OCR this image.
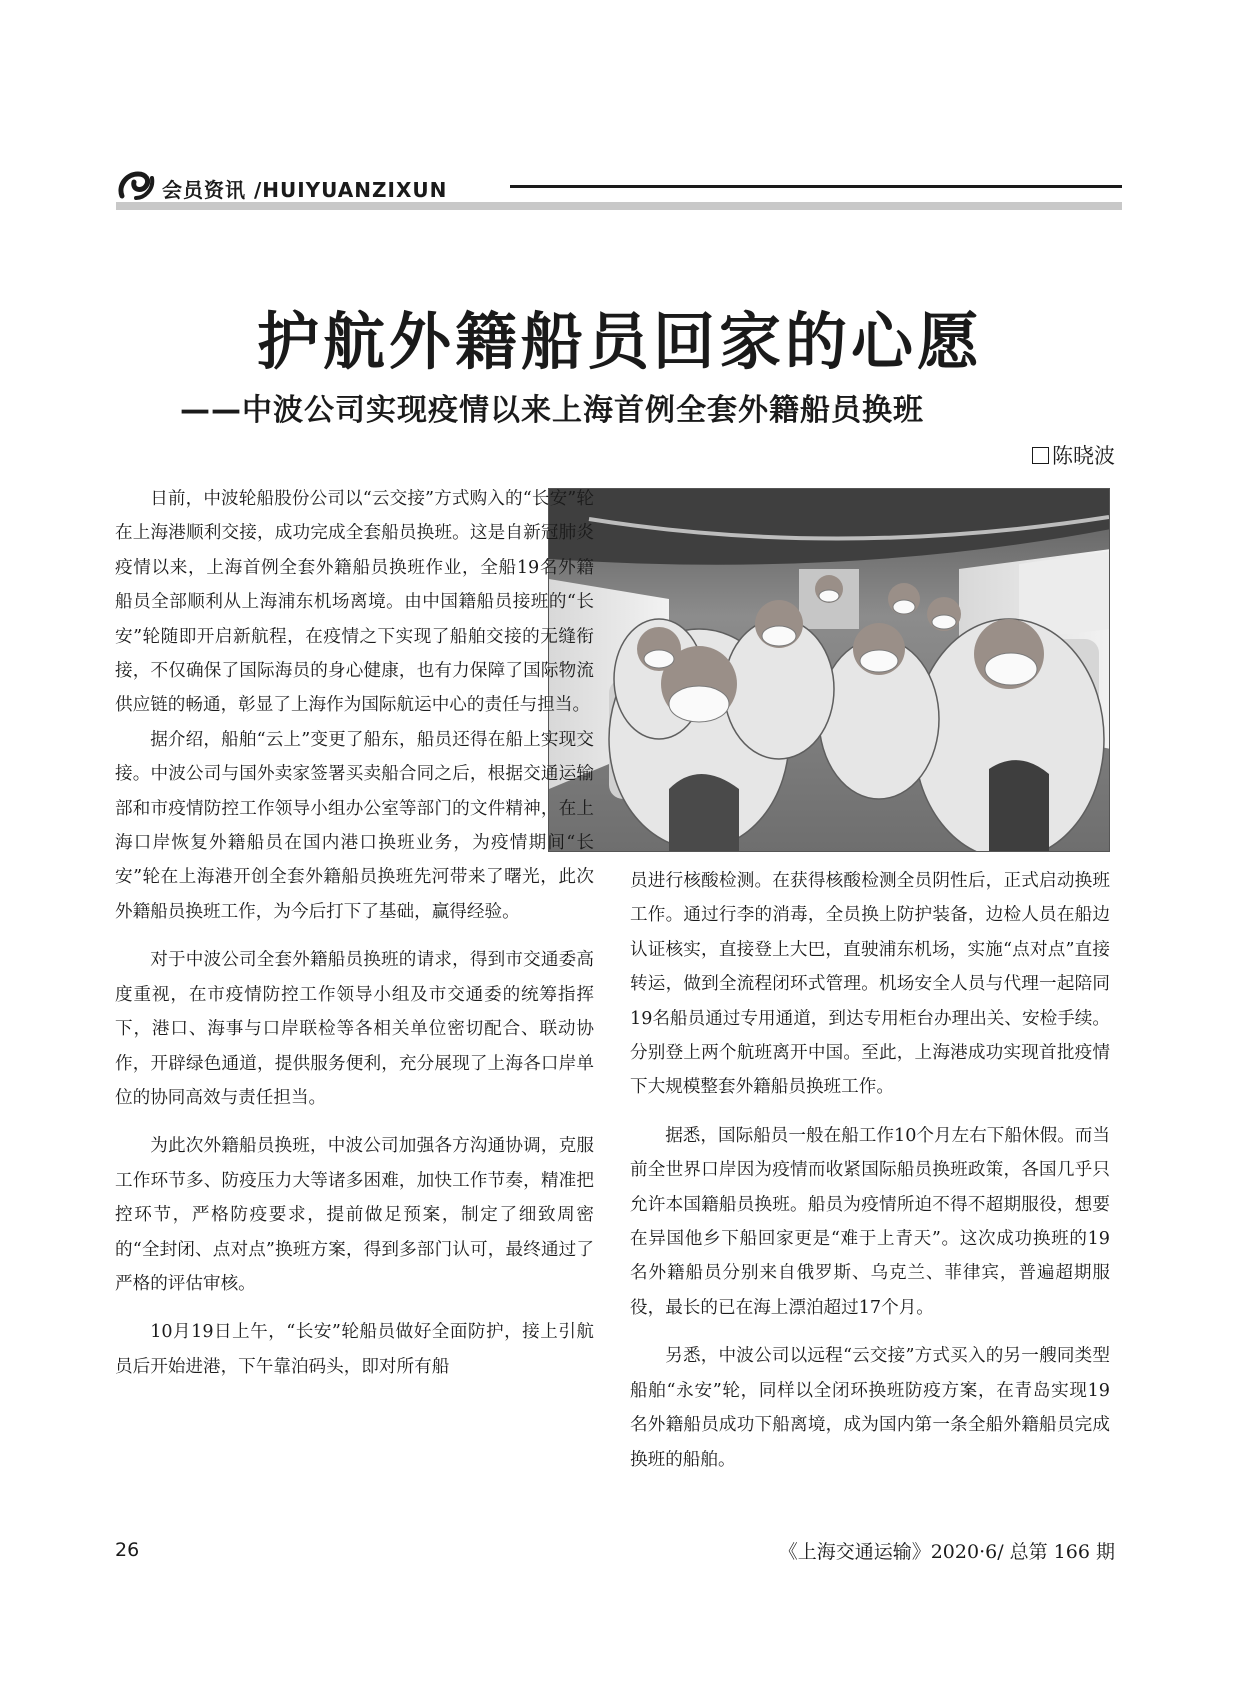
会员资讯 /HUIYUANZIXUN
护航外籍船员回家的心愿
——中波公司实现疫情以来上海首例全套外籍船员换班
陈晓波

日前，中波轮船股份公司以“云交接”方式购入的“长安”轮在上海港顺利交接，成功完成全套船员换班。这是自新冠肺炎疫情以来，上海首例全套外籍船员换班作业，全船19名外籍船员全部顺利从上海浦东机场离境。由中国籍船员接班的“长安”轮随即开启新航程，在疫情之下实现了船舶交接的无缝衔接，不仅确保了国际海员的身心健康，也有力保障了国际物流供应链的畅通，彰显了上海作为国际航运中心的责任与担当。

据介绍，船舶“云上”变更了船东，船员还得在船上实现交接。中波公司与国外卖家签署买卖船合同之后，根据交通运输部和市疫情防控工作领导小组办公室等部门的文件精神，在上海口岸恢复外籍船员在国内港口换班业务，为疫情期间“长安”轮在上海港开创全套外籍船员换班先河带来了曙光，此次外籍船员换班工作，为今后打下了基础，赢得经验。

对于中波公司全套外籍船员换班的请求，得到市交通委高度重视，在市疫情防控工作领导小组及市交通委的统筹指挥下，港口、海事与口岸联检等各相关单位密切配合、联动协作，开辟绿色通道，提供服务便利，充分展现了上海各口岸单位的协同高效与责任担当。

为此次外籍船员换班，中波公司加强各方沟通协调，克服工作环节多、防疫压力大等诸多困难，加快工作节奏，精准把控环节，严格防疫要求，提前做足预案，制定了细致周密的“全封闭、点对点”换班方案，得到多部门认可，最终通过了严格的评估审核。

10月19日上午，“长安”轮船员做好全面防护，接上引航员后开始进港，下午靠泊码头，即对所有船

员进行核酸检测。在获得核酸检测全员阴性后，正式启动换班工作。通过行李的消毒，全员换上防护装备，边检人员在船边认证核实，直接登上大巴，直驶浦东机场，实施“点对点”直接转运，做到全流程闭环式管理。机场安全人员与代理一起陪同19名船员通过专用通道，到达专用柜台办理出关、安检手续。分别登上两个航班离开中国。至此，上海港成功实现首批疫情下大规模整套外籍船员换班工作。

据悉，国际船员一般在船工作10个月左右下船休假。而当前全世界口岸因为疫情而收紧国际船员换班政策，各国几乎只允许本国籍船员换班。船员为疫情所迫不得不超期服役，想要在异国他乡下船回家更是“难于上青天”。这次成功换班的19名外籍船员分别来自俄罗斯、乌克兰、菲律宾，普遍超期服役，最长的已在海上漂泊超过17个月。

另悉，中波公司以远程“云交接”方式买入的另一艘同类型船舶“永安”轮，同样以全闭环换班防疫方案，在青岛实现19名外籍船员成功下船离境，成为国内第一条全船外籍船员完成换班的船舶。

26	《上海交通运输》2020·6/ 总第 166 期
